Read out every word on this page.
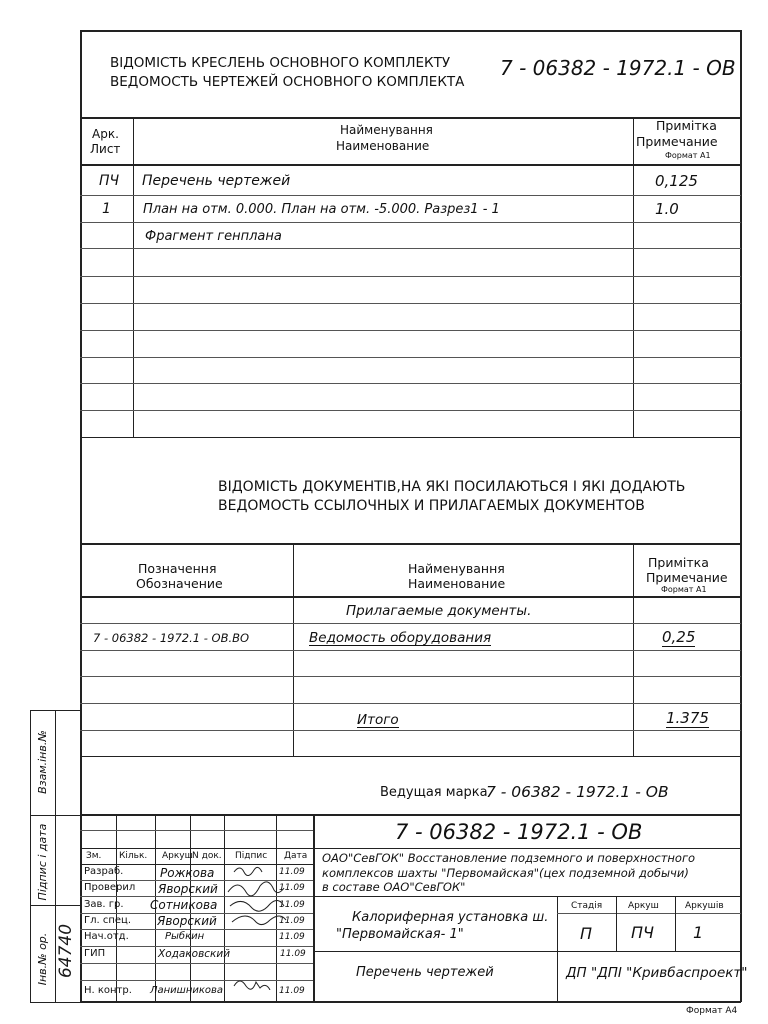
Взам.інв.№
Підпис і дата
Інв.№ ор. 64740
ВІДОМІСТЬ КРЕСЛЕНЬ ОСНОВНОГО КОМПЛЕКТУ
ВЕДОМОСТЬ ЧЕРТЕЖЕЙ ОСНОВНОГО КОМПЛЕКТА
7 - 06382 - 1972.1 - ОВ
Арк.
Лист
Найменування
Наименование
Примітка
Примечание
Формат А1
ПЧ Перечень чертежей	0,125
1 План на отм. 0.000. План на отм. -5.000. Разрез1 - 1	1.0
Фрагмент генплана
ВІДОМІСТЬ ДОКУМЕНТІВ,НА ЯКІ ПОСИЛАЮТЬСЯ І ЯКІ ДОДАЮТЬ
ВЕДОМОСТЬ ССЫЛОЧНЫХ И ПРИЛАГАЕМЫХ ДОКУМЕНТОВ
Позначення
Обозначение
Найменування
Наименование
Примітка
Примечание
Формат А1
Прилагаемые документы.
7 - 06382 - 1972.1 - ОВ.ВО	Ведомость оборудования	0,25
Итого	1.375
Ведущая марка
7 - 06382 - 1972.1 - ОВ
7 - 06382 - 1972.1 - ОВ
Зм. Кільк. Аркуш N док. Підпис Дата
Разраб.	Рожкова	11.09
Проверил Яворский	11.09
Зав. гр. Сотникова	11.09
Гл. спец. Яворский	11.09
Нач.отд.	Рыбкин	11.09
ГИП	Ходаковский	11.09
Н. контр. Ланишникова	11.09
ОАО"СевГОК" Восстановление подземного и поверхностного
комплексов шахты "Первомайская"(цех подземной добычи)
в составе ОАО"СевГОК"
Калориферная установка ш.
"Первомайская- 1"
Перечень чертежей
Стадія	Аркуш	Аркушів
П ПЧ 1
ДП "ДПІ "Кривбаспроект"
Формат А4
